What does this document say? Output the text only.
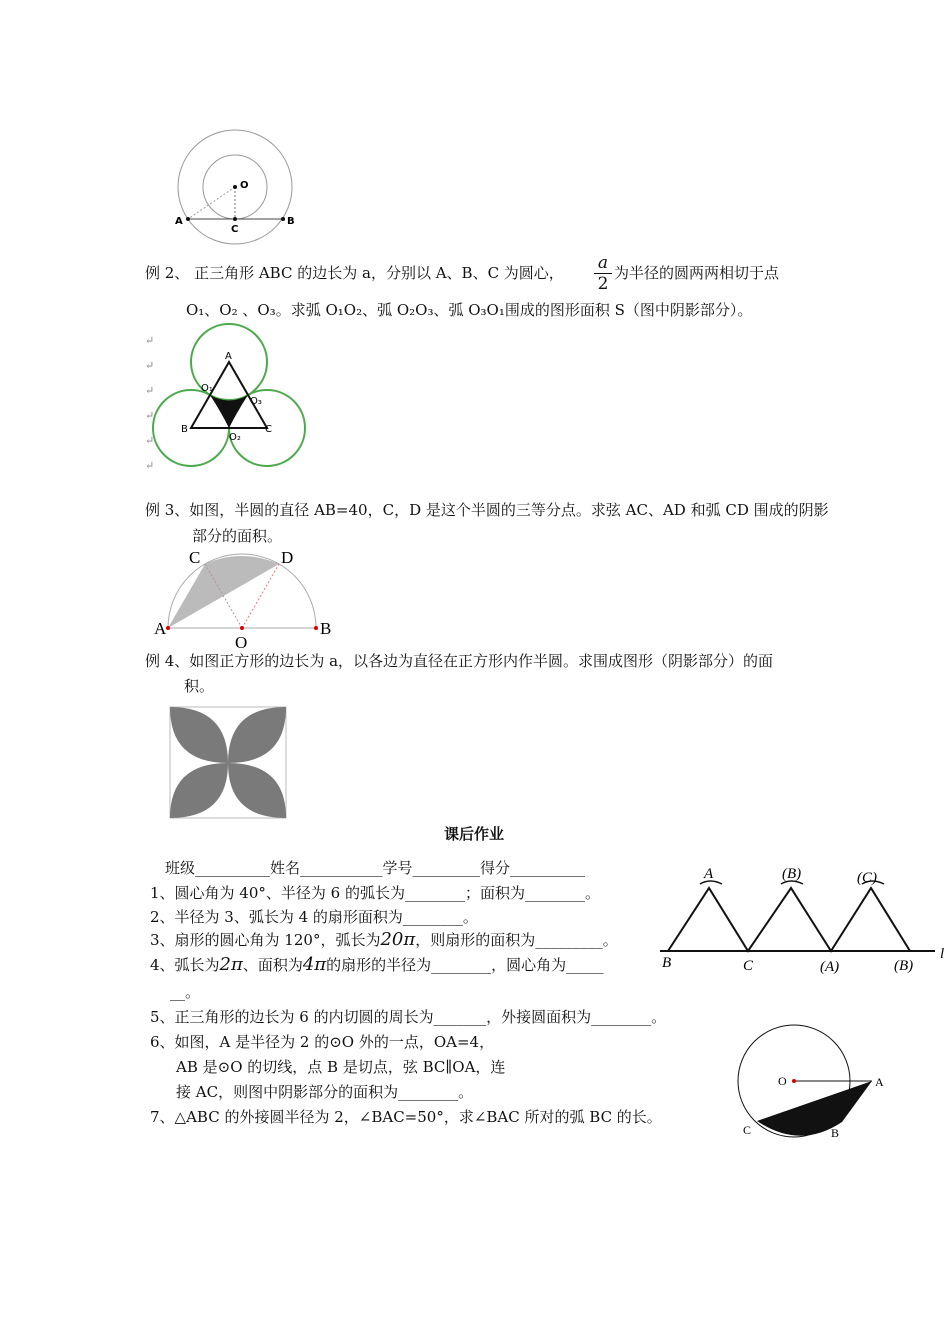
O
A
C
B
例 2、 正三角形 ABC 的边长为 a，分别以 A、B、C 为圆心， a
2
为半径的圆两两相切于点
O₁、O₂ 、O₃。求弧 O₁O₂、弧 O₂O₃、弧 O₃O₁围成的图形面积 S（图中阴影部分）。
↵
↵
↵
↵
↵
↵
A
B	C
O₁
O₃
O₂
例 3、如图，半圆的直径 AB=40，C，D 是这个半圆的三等分点。求弦 AC、AD 和弧 CD 围成的阴影
部分的面积。
C	D
A
O
B
例 4、如图正方形的边长为 a，以各边为直径在正方形内作半圆。求围成图形（阴影部分）的面
积。
课后作业
班级__________姓名___________学号_________得分__________
1、圆心角为 40°、半径为 6 的弧长为________；面积为________。
2、半径为 3、弧长为 4 的扇形面积为________。
3、扇形的圆心角为 120°，弧长为20π，则扇形的面积为_________。
4、弧长为2π、面积为4π的扇形的半径为________，圆心角为_____
__。
5、正三角形的边长为 6 的内切圆的周长为_______，外接圆面积为________。
6、如图，A 是半径为 2 的⊙O 外的一点，OA=4，
AB 是⊙O 的切线，点 B 是切点，弦 BC∥OA，连
接 AC，则图中阴影部分的面积为________。
7、△ABC 的外接圆半径为 2，∠BAC=50°，求∠BAC 所对的弧 BC 的长。
A	(B)	(C)
B	C	(A)	(B)
l
O	A
C	B
